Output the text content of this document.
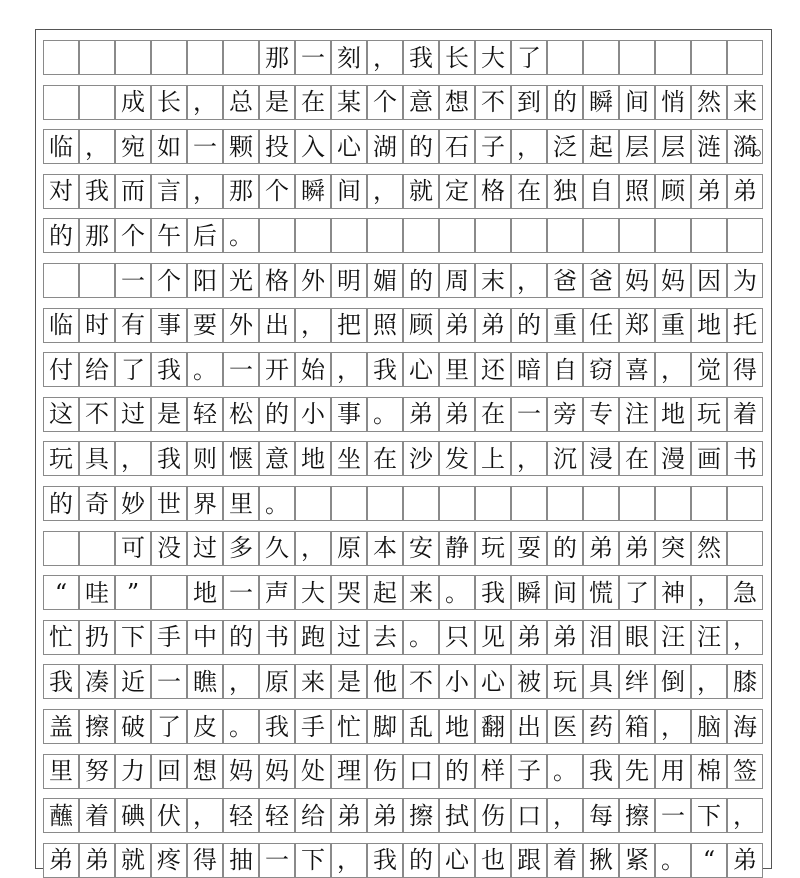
那 一 刻 ， 我 长 大 了
成 长 ， 总 是 在 某 个 意 想 不 到 的 瞬 间 悄 然 来
临 ， 宛 如 一 颗 投 入 心 湖 的 石 子 ， 泛 起 层 层 涟 漪
。
对 我 而 言 ， 那 个 瞬 间 ， 就 定 格 在 独 自 照 顾 弟 弟
的 那 个 午 后 。
一 个 阳 光 格 外 明 媚 的 周 末 ， 爸 爸 妈 妈 因 为
临 时 有 事 要 外 出 ， 把 照 顾 弟 弟 的 重 任 郑 重 地 托
付 给 了 我 。 一 开 始 ， 我 心 里 还 暗 自 窃 喜 ， 觉 得
这 不 过 是 轻 松 的 小 事 。 弟 弟 在 一 旁 专 注 地 玩 着
玩 具 ， 我 则 惬 意 地 坐 在 沙 发 上 ， 沉 浸 在 漫 画 书
的 奇 妙 世 界 里 。
可 没 过 多 久 ， 原 本 安 静 玩 耍 的 弟 弟 突 然
“ 哇 ”	地 一 声 大 哭 起 来 。 我 瞬 间 慌 了 神 ， 急
忙 扔 下 手 中 的 书 跑 过 去 。 只 见 弟 弟 泪 眼 汪 汪 ，
我 凑 近 一 瞧 ， 原 来 是 他 不 小 心 被 玩 具 绊 倒 ， 膝
盖 擦 破 了 皮 。 我 手 忙 脚 乱 地 翻 出 医 药 箱 ， 脑 海
里 努 力 回 想 妈 妈 处 理 伤 口 的 样 子 。 我 先 用 棉 签
蘸 着 碘 伏 ， 轻 轻 给 弟 弟 擦 拭 伤 口 ， 每 擦 一 下 ，
弟 弟 就 疼 得 抽 一 下 ， 我 的 心 也 跟 着 揪 紧 。 “ 弟
